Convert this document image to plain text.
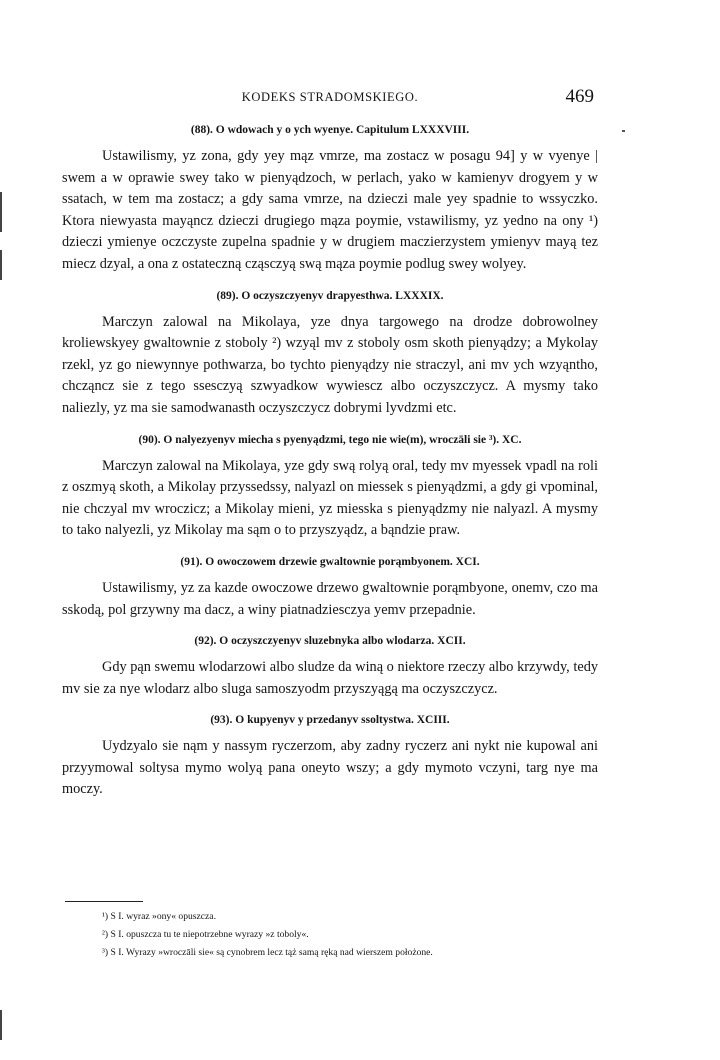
KODEKS STRADOMSKIEGO.	469

(88). O wdowach y o ych wyenye. Capitulum LXXXVIII.

Ustawilismy, yz zona, gdy yey mąz vmrze, ma zostacz w posagu 94] y w vyenye | swem a w oprawie swey tako w pienyądzoch, w perlach, yako w kamienyv drogyem y w ssatach, w tem ma zostacz; a gdy sama vmrze, na dzieczi male yey spadnie to wssyczko. Ktora niewyasta mayąncz dzieczi drugiego mąza poymie, vstawilismy, yz yedno na ony ¹) dzieczi ymienye oczczyste zupelna spadnie y w drugiem maczierzystem ymienyv mayą tez miecz dzyal, a ona z ostateczną cząsczyą swą mąza poymie podlug swey wolyey.

(89). O oczyszczyenyv drapyesthwa. LXXXIX.

Marczyn zalowal na Mikolaya, yze dnya targowego na drodze dobrowolney kroliewskyey gwaltownie z stoboly ²) wzyąl mv z stoboly osm skoth pienyądzy; a Mykolay rzekl, yz go niewynnye pothwarza, bo tychto pienyądzy nie straczyl, ani mv ych wzyąntho, chcząncz sie z tego ssesczyą szwyadkow wywiescz albo oczyszczycz. A mysmy tako naliezly, yz ma sie samodwanasth oczyszczycz dobrymi lyvdzmi etc.

(90). O nalyezyenyv miecha s pyenyądzmi, tego nie wie(m), wroczāli sie ³). XC.

Marczyn zalowal na Mikolaya, yze gdy swą rolyą oral, tedy mv myessek vpadl na roli z oszmyą skoth, a Mikolay przyssedssy, nalyazl on miessek s pienyądzmi, a gdy gi vpominal, nie chczyal mv wroczicz; a Mikolay mieni, yz miesska s pienyądzmy nie nalyazl. A mysmy to tako nalyezli, yz Mikolay ma sąm o to przyszyądz, a bąndzie praw.

(91). O owoczowem drzewie gwaltownie porąmbyonem. XCI.

Ustawilismy, yz za kazde owoczowe drzewo gwaltownie porąmbyone, onemv, czo ma sskodą, pol grzywny ma dacz, a winy piatnadziesczya yemv przepadnie.

(92). O oczyszczyenyv sluzebnyka albo wlodarza. XCII.

Gdy pąn swemu wlodarzowi albo sludze da winą o niektore rzeczy albo krzywdy, tedy mv sie za nye wlodarz albo sluga samoszyodm przyszyągą ma oczyszczycz.

(93). O kupyenyv y przedanyv ssoltystwa. XCIII.

Uydzyalo sie nąm y nassym ryczerzom, aby zadny ryczerz ani nykt nie kupowal ani przyymowal soltysa mymo wolyą pana oneyto wszy; a gdy mymoto vczyni, targ nye ma moczy.

¹) S I. wyraz »ony« opuszcza.
²) S I. opuszcza tu te niepotrzebne wyrazy »z toboly«.
³) S I. Wyrazy »wroczāli sie« są cynobrem lecz tąż samą ręką nad wierszem położone.
